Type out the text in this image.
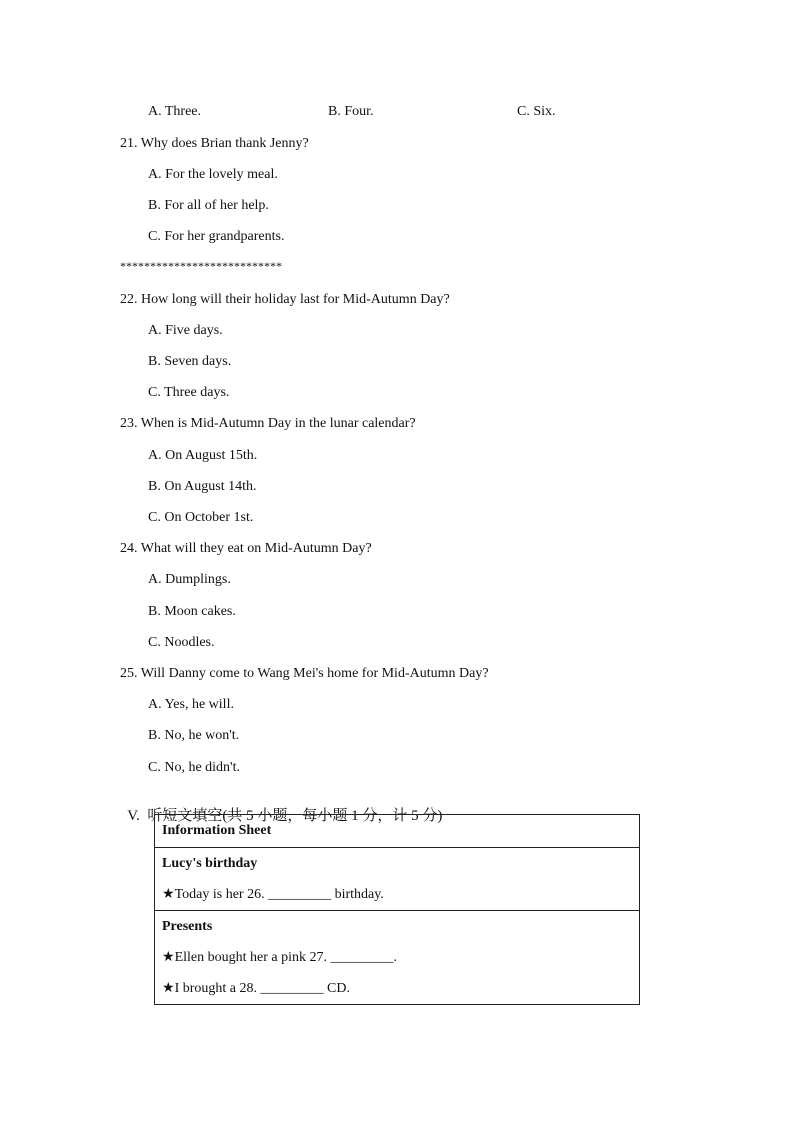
A. Three.	B. Four.	C. Six.
21. Why does Brian thank Jenny?
A. For the lovely meal.
B. For all of her help.
C. For her grandparents.
***************************
22. How long will their holiday last for Mid-Autumn Day?
A. Five days.
B. Seven days.
C. Three days.
23. When is Mid-Autumn Day in the lunar calendar?
A. On August 15th.
B. On August 14th.
C. On October 1st.
24. What will they eat on Mid-Autumn Day?
A. Dumplings.
B. Moon cakes.
C. Noodles.
25. Will Danny come to Wang Mei's home for Mid-Autumn Day?
A. Yes, he will.
B. No, he won't.
C. No, he didn't.

V. 听短文填空(共 5 小题，每小题 1 分，计 5 分)

Information Sheet

Lucy's birthday
★Today is her 26. _________ birthday.

Presents
★Ellen bought her a pink 27. _________.
★I brought a 28. _________ CD.
